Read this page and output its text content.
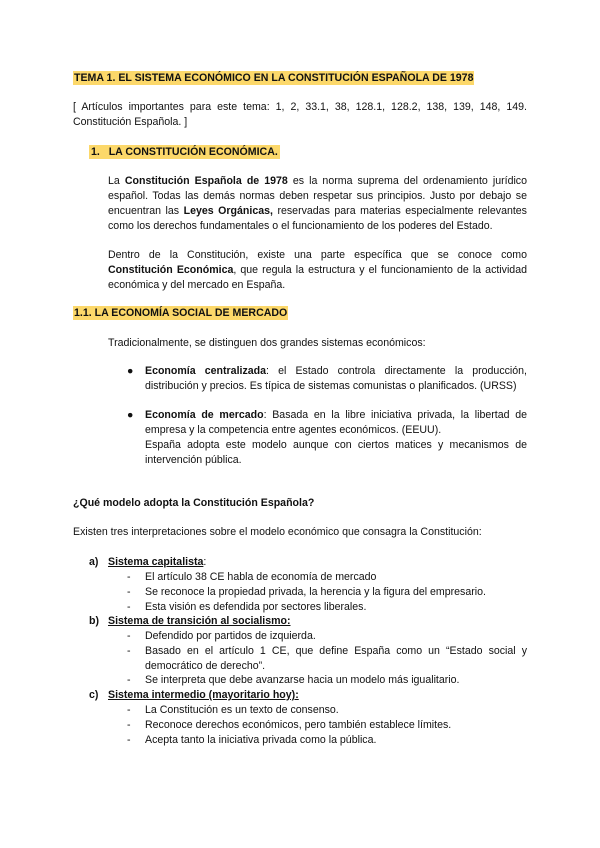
TEMA 1. EL SISTEMA ECONÓMICO EN LA CONSTITUCIÓN ESPAÑOLA DE 1978

[ Artículos importantes para este tema: 1, 2, 33.1, 38, 128.1, 128.2, 138, 139, 148, 149. Constitución Española. ]

1. LA CONSTITUCIÓN ECONÓMICA.

La Constitución Española de 1978 es la norma suprema del ordenamiento jurídico español. Todas las demás normas deben respetar sus principios. Justo por debajo se encuentran las Leyes Orgánicas, reservadas para materias especialmente relevantes como los derechos fundamentales o el funcionamiento de los poderes del Estado.

Dentro de la Constitución, existe una parte específica que se conoce como Constitución Económica, que regula la estructura y el funcionamiento de la actividad económica y del mercado en España.

1.1. LA ECONOMÍA SOCIAL DE MERCADO

Tradicionalmente, se distinguen dos grandes sistemas económicos:

●	Economía centralizada: el Estado controla directamente la producción, distribución y precios. Es típica de sistemas comunistas o planificados. (URSS)

●	Economía de mercado: Basada en la libre iniciativa privada, la libertad de empresa y la competencia entre agentes económicos. (EEUU).

España adopta este modelo aunque con ciertos matices y mecanismos de intervención pública.

¿Qué modelo adopta la Constitución Española?

Existen tres interpretaciones sobre el modelo económico que consagra la Constitución:

a) Sistema capitalista:
- El artículo 38 CE habla de economía de mercado
- Se reconoce la propiedad privada, la herencia y la figura del empresario.
- Esta visión es defendida por sectores liberales.
b) Sistema de transición al socialismo:
- Defendido por partidos de izquierda.
- Basado en el artículo 1 CE, que define España como un “Estado social y democrático de derecho”.
- Se interpreta que debe avanzarse hacia un modelo más igualitario.
c) Sistema intermedio (mayoritario hoy):
- La Constitución es un texto de consenso.
- Reconoce derechos económicos, pero también establece límites.
- Acepta tanto la iniciativa privada como la pública.
